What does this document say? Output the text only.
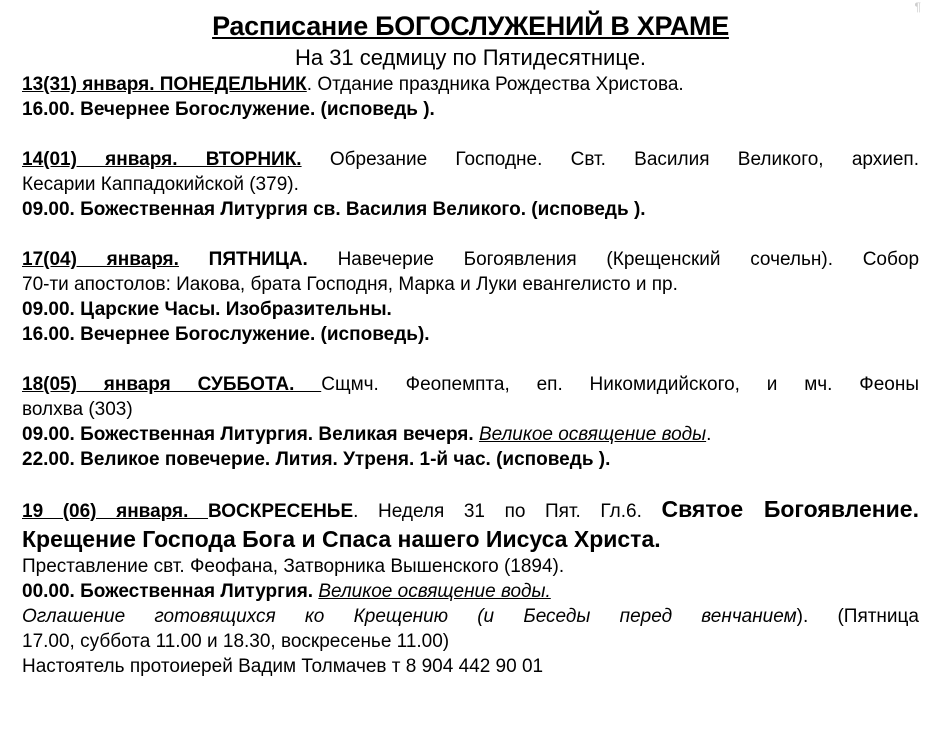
¶
Расписание БОГОСЛУЖЕНИЙ В ХРАМЕ
На 31 седмицу по Пятидесятнице.
13(31) января. ПОНЕДЕЛЬНИК. Отдание праздника Рождества Христова.
16.00. Вечернее Богослужение. (исповедь ).
14(01) января. ВТОРНИК. Обрезание Господне. Свт. Василия Великого, архиеп.
Кесарии Каппадокийской (379).
09.00. Божественная Литургия св. Василия Великого. (исповедь ).
17(04) января. ПЯТНИЦА. Навечерие Богоявления (Крещенский сочельн). Собор
70-ти апостолов: Иакова, брата Господня, Марка и Луки евангелисто и пр.
09.00. Царские Часы. Изобразительны.
16.00. Вечернее Богослужение. (исповедь).
18(05) января СУББОТА. Сщмч. Феопемпта, еп. Никомидийского, и мч. Феоны
волхва (303)
09.00. Божественная Литургия. Великая вечеря. Великое освящение воды.
22.00. Великое повечерие. Лития. Утреня. 1-й час. (исповедь ).
19 (06) января. ВОСКРЕСЕНЬЕ. Неделя 31 по Пят. Гл.6. Святое Богоявление.
Крещение Господа Бога и Спаса нашего Иисуса Христа.
Преставление свт. Феофана, Затворника Вышенского (1894).
00.00. Божественная Литургия. Великое освящение воды.
Оглашение готовящихся ко Крещению (и Беседы перед венчанием). (Пятница
17.00, суббота 11.00 и 18.30, воскресенье 11.00)
Настоятель протоиерей Вадим Толмачев т 8 904 442 90 01
